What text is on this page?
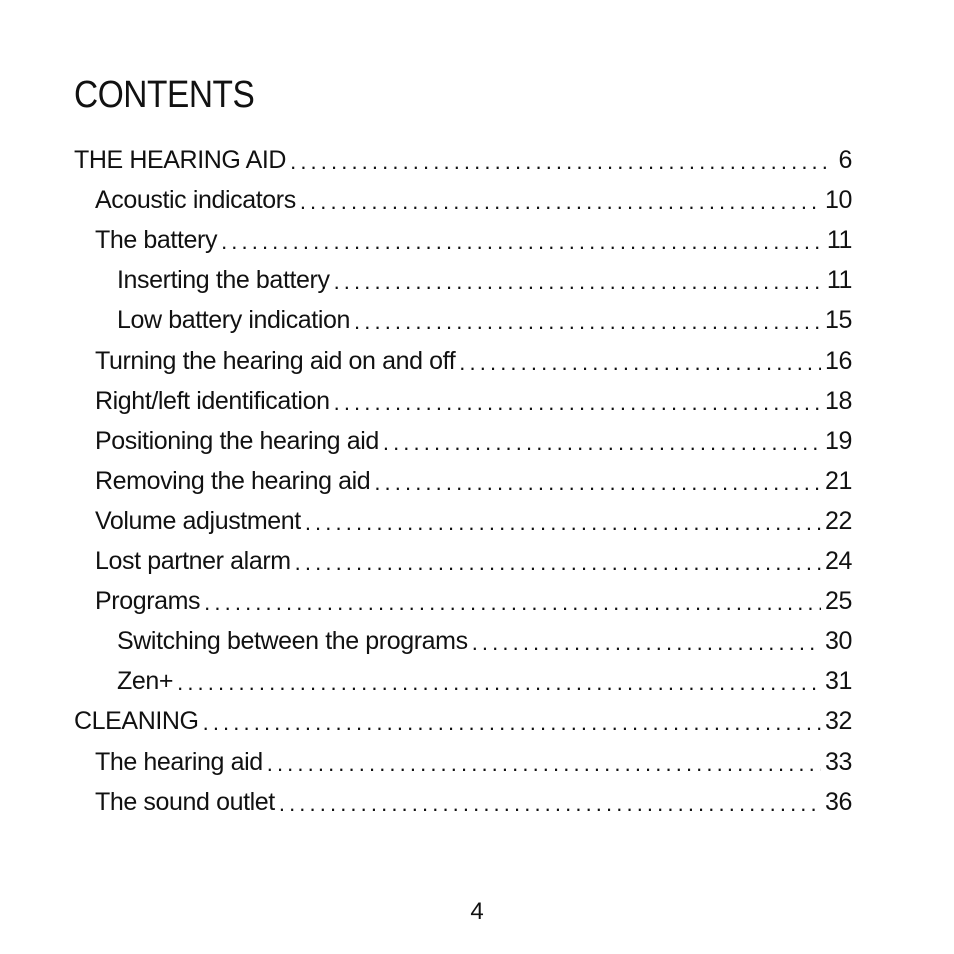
CONTENTS
THE HEARING AID . . .	6
Acoustic indicators . . .	10
The battery . . .	11
Inserting the battery . . .	11
Low battery indication . . .	15
Turning the hearing aid on and off . . .	16
Right/left identification . . .	18
Positioning the hearing aid . . .	19
Removing the hearing aid . . .	21
Volume adjustment . . .	22
Lost partner alarm . . .	24
Programs . . .	25
Switching between the programs . . .	30
Zen+ . . .	31
CLEANING . . .	32
The hearing aid . . .	33
The sound outlet . . .	36
4
